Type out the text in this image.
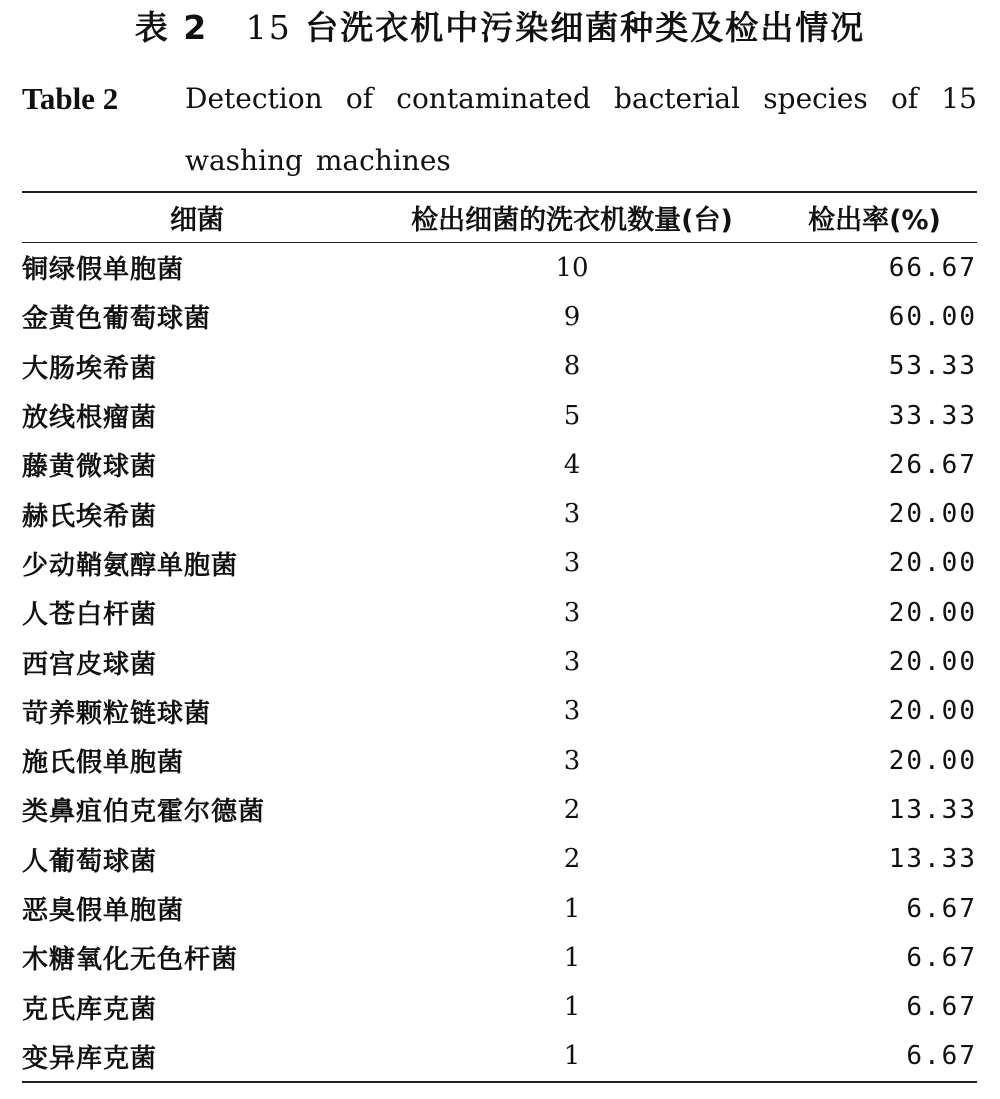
表 2 15 台洗衣机中污染细菌种类及检出情况
Table 2 Detection of contaminated bacterial species of 15 washing machines
细菌	检出细菌的洗衣机数量(台)	检出率(%)
铜绿假单胞菌	10	66.67
金黄色葡萄球菌	9	60.00
大肠埃希菌	8	53.33
放线根瘤菌	5	33.33
藤黄微球菌	4	26.67
赫氏埃希菌	3	20.00
少动鞘氨醇单胞菌	3	20.00
人苍白杆菌	3	20.00
西宫皮球菌	3	20.00
苛养颗粒链球菌	3	20.00
施氏假单胞菌	3	20.00
类鼻疽伯克霍尔德菌	2	13.33
人葡萄球菌	2	13.33
恶臭假单胞菌	1	6.67
木糖氧化无色杆菌	1	6.67
克氏库克菌	1	6.67
变异库克菌	1	6.67
